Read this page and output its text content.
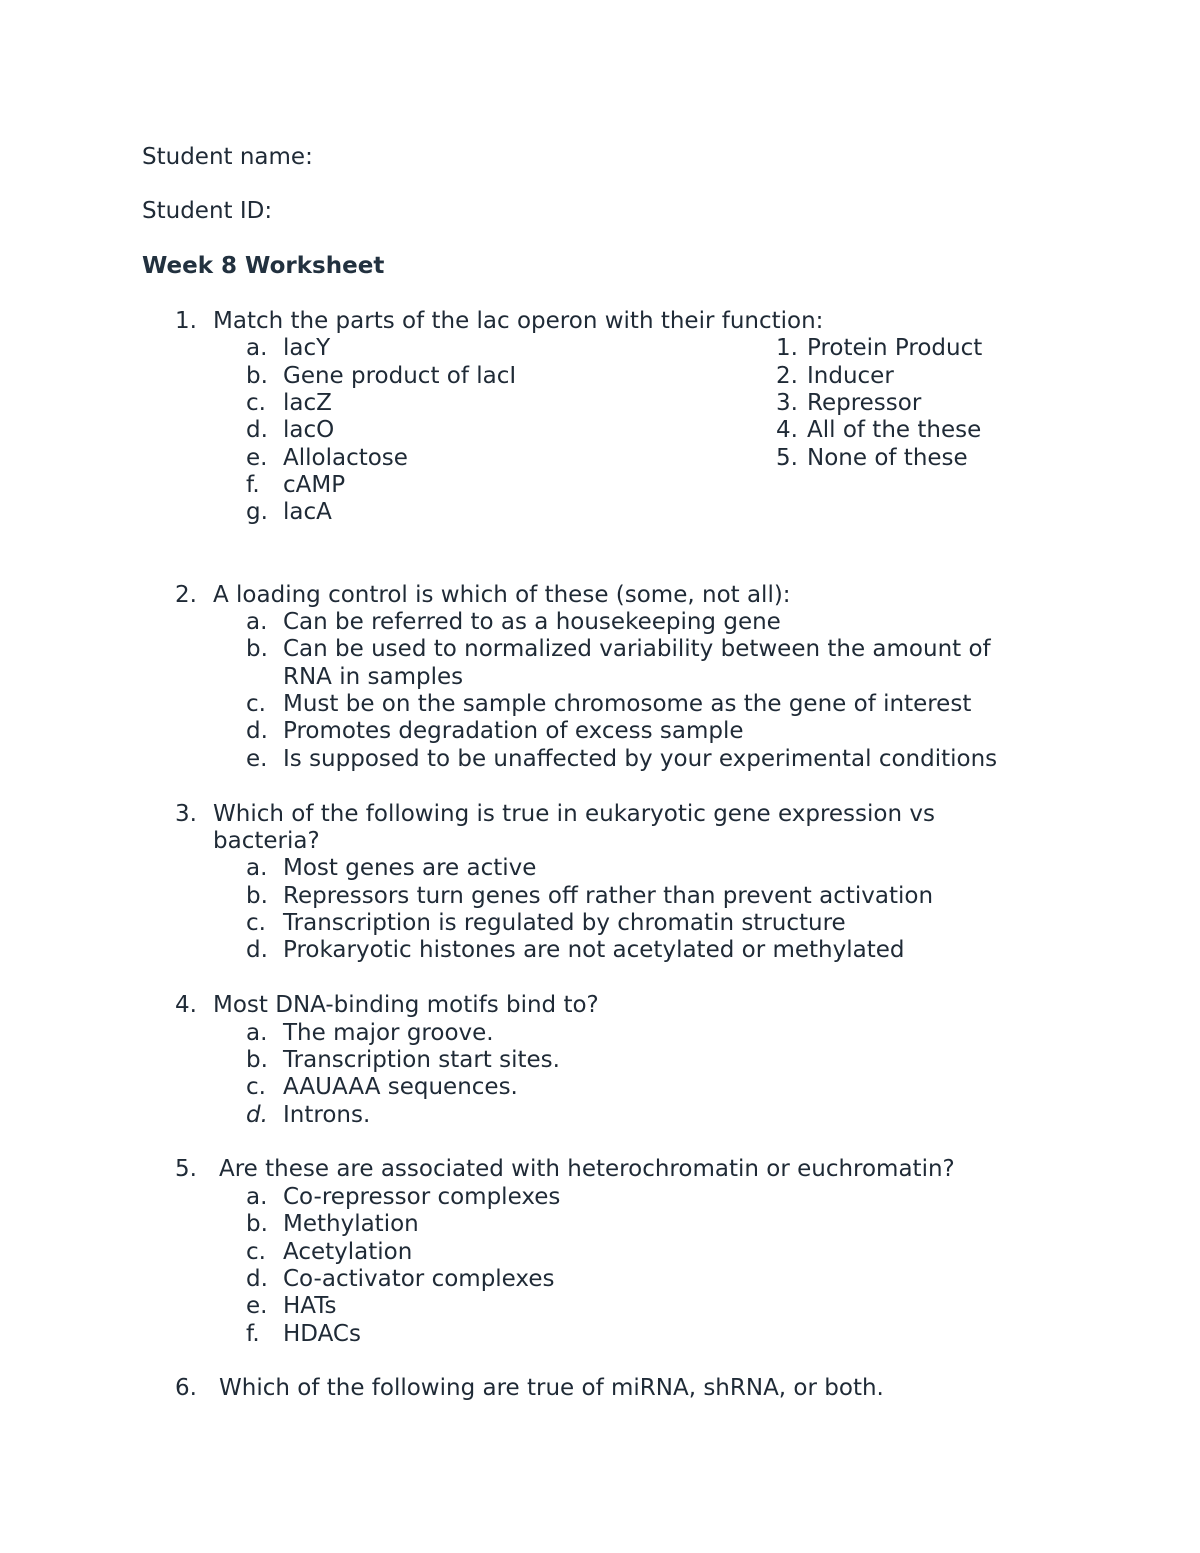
Student name:
Student ID:
Week 8 Worksheet
1. Match the parts of the lac operon with their function:
a. lacY
b. Gene product of lacI
c. lacZ
d. lacO
e. Allolactose
f. cAMP
g. lacA
1. Protein Product
2. Inducer
3. Repressor
4. All of the these
5. None of these
2. A loading control is which of these (some, not all):
a. Can be referred to as a housekeeping gene
b. Can be used to normalized variability between the amount of
RNA in samples
c. Must be on the sample chromosome as the gene of interest
d. Promotes degradation of excess sample
e. Is supposed to be unaffected by your experimental conditions
3. Which of the following is true in eukaryotic gene expression vs
bacteria?
a. Most genes are active
b. Repressors turn genes off rather than prevent activation
c. Transcription is regulated by chromatin structure
d. Prokaryotic histones are not acetylated or methylated
4. Most DNA-binding motifs bind to?
a. The major groove.
b. Transcription start sites.
c. AAUAAA sequences.
d. Introns.
5. Are these are associated with heterochromatin or euchromatin?
a. Co-repressor complexes
b. Methylation
c. Acetylation
d. Co-activator complexes
e. HATs
f. HDACs
6. Which of the following are true of miRNA, shRNA, or both.
